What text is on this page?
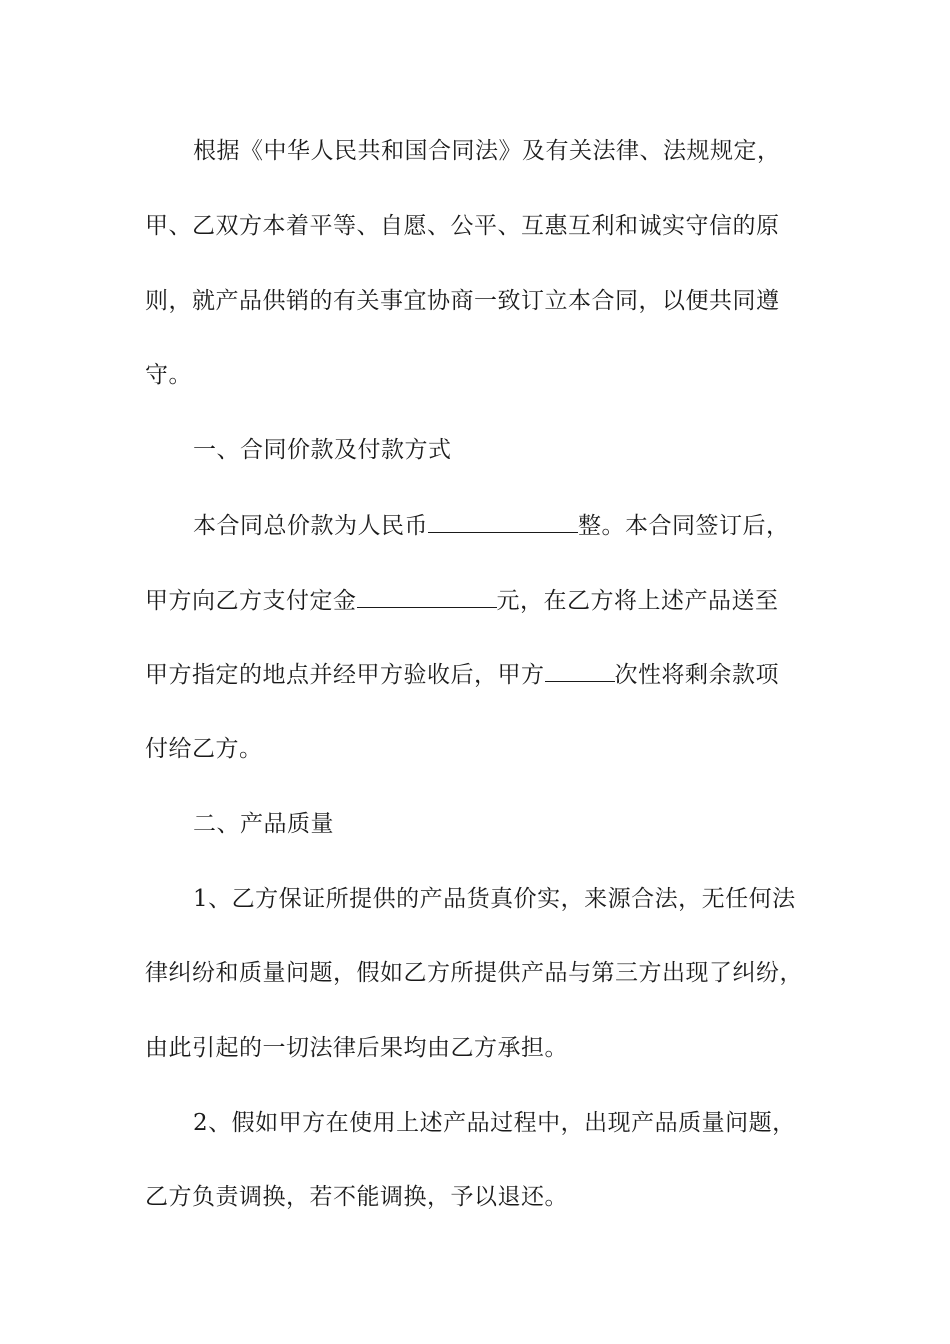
根据《中华人民共和国合同法》及有关法律、法规规定，
甲、乙双方本着平等、自愿、公平、互惠互利和诚实守信的原
则，就产品供销的有关事宜协商一致订立本合同，以便共同遵
守。
一、合同价款及付款方式
本合同总价款为人民币	整。本合同签订后，
甲方向乙方支付定金	元，在乙方将上述产品送至
甲方指定的地点并经甲方验收后，甲方	次性将剩余款项
付给乙方。
二、产品质量
1、乙方保证所提供的产品货真价实，来源合法，无任何法
律纠纷和质量问题，假如乙方所提供产品与第三方出现了纠纷，
由此引起的一切法律后果均由乙方承担。
2、假如甲方在使用上述产品过程中，出现产品质量问题，
乙方负责调换，若不能调换，予以退还。
